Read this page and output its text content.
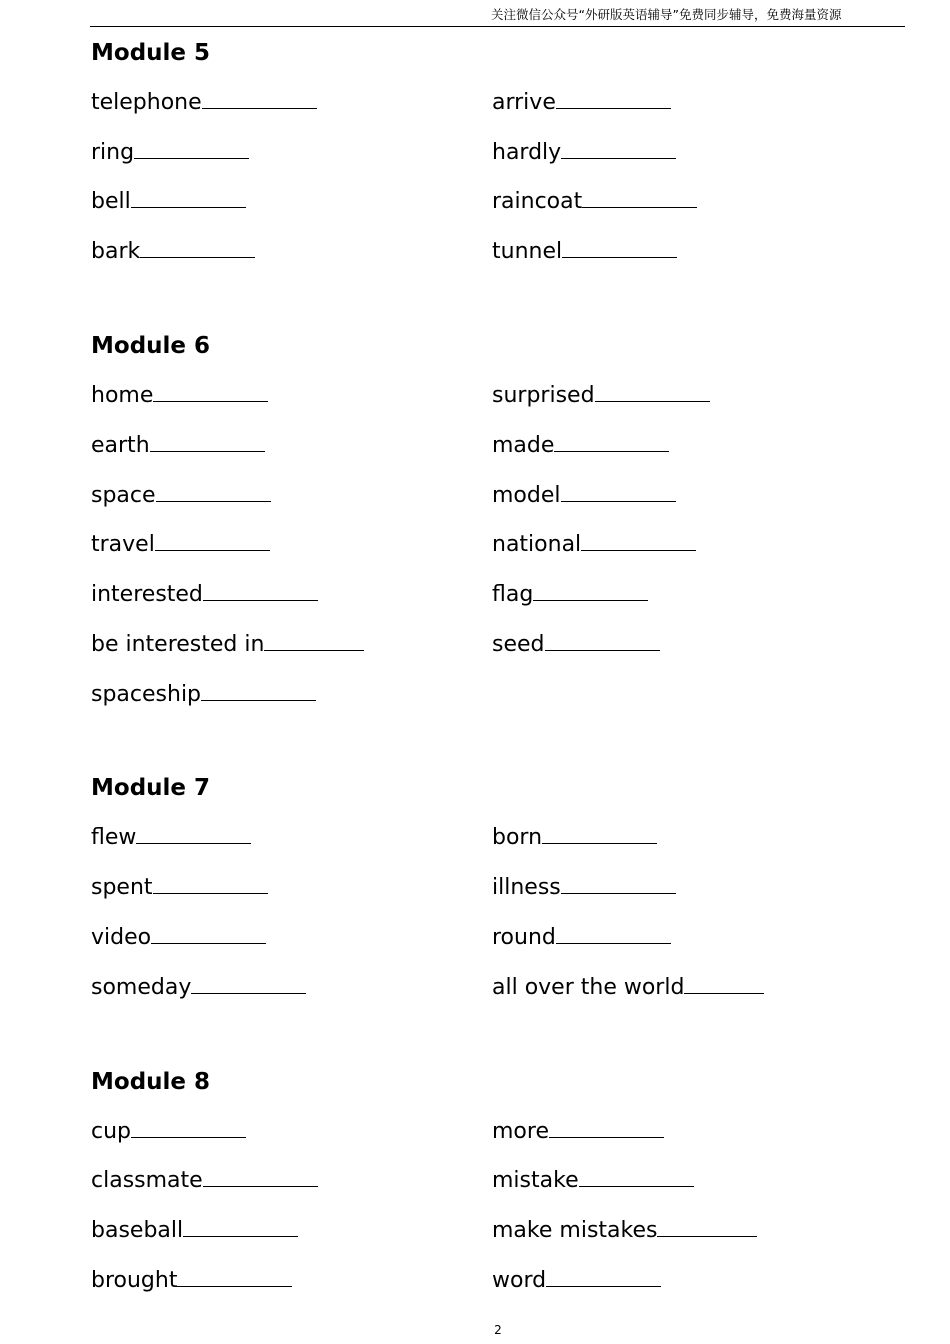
关注微信公众号“外研版英语辅导”免费同步辅导，免费海量资源
Module 5
telephone
ring
bell
bark
arrive
hardly
raincoat
tunnel
Module 6
home
earth
space
travel
interested
be interested in
spaceship
surprised
made
model
national
flag
seed
Module 7
flew
spent
video
someday
born
illness
round
all over the world
Module 8
cup
classmate
baseball
brought
more
mistake
make mistakes
word
2
